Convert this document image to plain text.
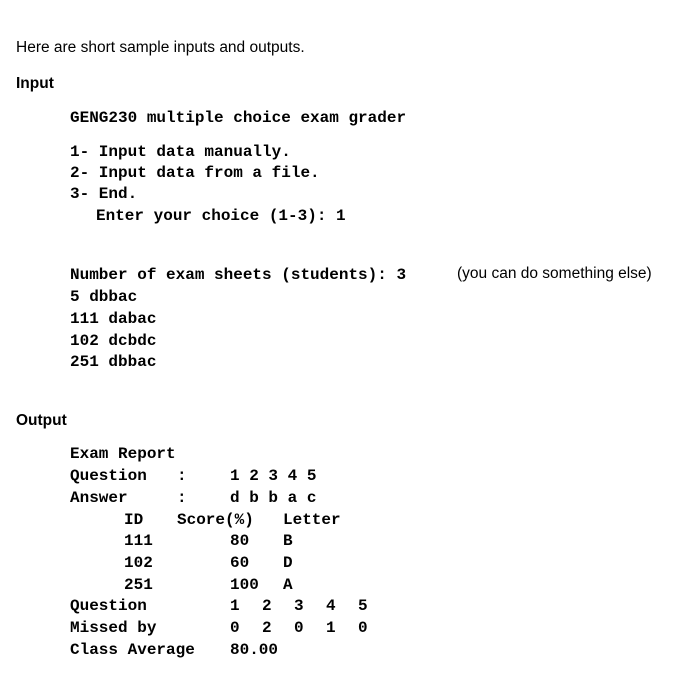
Here are short sample inputs and outputs.
Input
GENG230 multiple choice exam grader
1- Input data manually.
2- Input data from a file.
3- End.
Enter your choice (1-3): 1
Number of exam sheets (students): 3	(you can do something else)
5 dbbac
111 dabac
102 dcbdc
251 dbbac
Output
Exam Report
Question :	1 2 3 4 5
Answer	:	d b b a c
ID Score(%) Letter
111	80 B
102	60 D
251	100 A
Question	1 2 3 4 5
Missed by	0 2 0 1 0
Class Average 80.00
